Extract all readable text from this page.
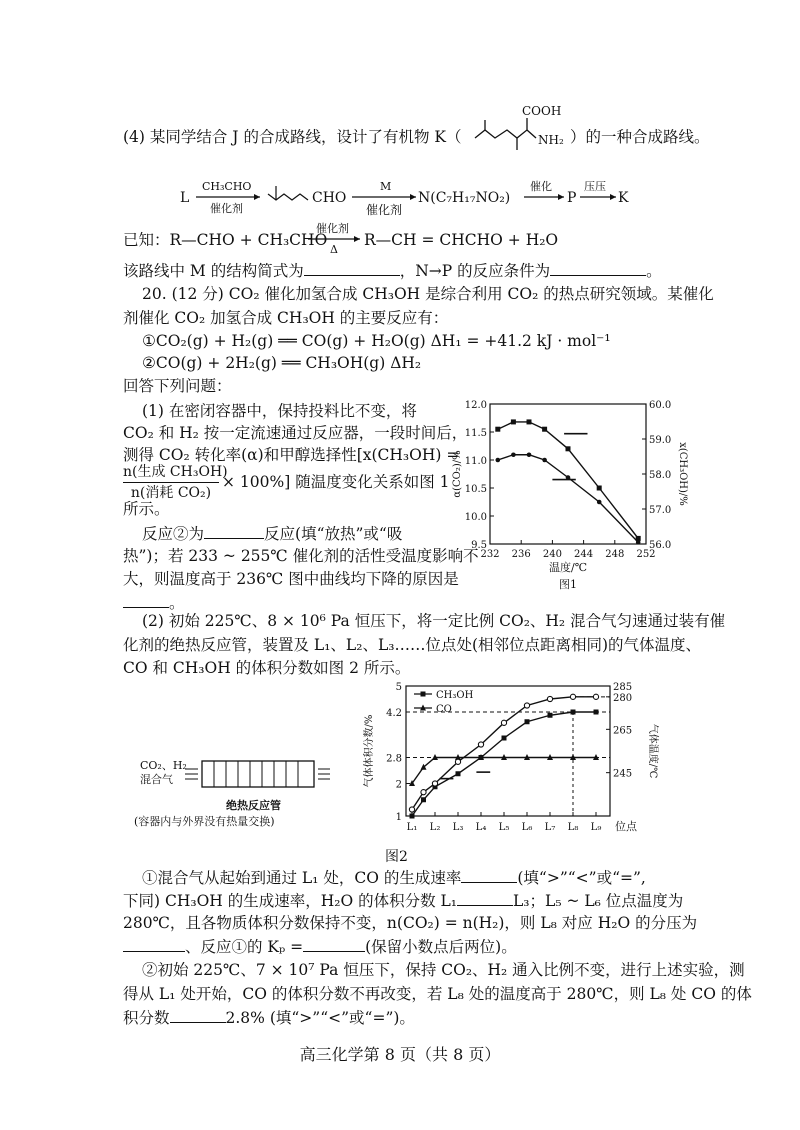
(4) 某同学结合 J 的合成路线，设计了有机物 K（
COOH
NH₂ ）的一种合成路线。
L
CH₃CHO
催化剂
CHO
M
催化剂
N(C₇H₁₇NO₂)
催化
P
压压
K
已知：R—CHO + CH₃CHO
催化剂
Δ
R—CH = CHCHO + H₂O
该路线中 M 的结构简式为	，N→P 的反应条件为	。
20. (12 分) CO₂ 催化加氢合成 CH₃OH 是综合利用 CO₂ 的热点研究领域。某催化
剂催化 CO₂ 加氢合成 CH₃OH 的主要反应有：
①CO₂(g) + H₂(g) ══ CO(g) + H₂O(g) ΔH₁ = +41.2 kJ · mol⁻¹
②CO(g) + 2H₂(g) ══ CH₃OH(g) ΔH₂
回答下列问题：
(1) 在密闭容器中，保持投料比不变，将
CO₂ 和 H₂ 按一定流速通过反应器，一段时间后，
测得 CO₂ 转化率(α)和甲醇选择性[x(CH₃OH) =
n(生成 CH₃OH)
n(消耗 CO₂)
× 100%] 随温度变化关系如图 1
所示。
反应②为	反应(填“放热”或“吸
热”)；若 233 ~ 255℃ 催化剂的活性受温度影响不
大，则温度高于 236℃ 图中曲线均下降的原因是
。
232 236 240 244 248 252
9.5
10.0
10.5
11.0
11.5
12.0
56.0
57.0
58.0
59.0
60.0
温度/℃
α(CO₂)/%	x(CH₃OH)/%
图1
(2) 初始 225℃、8 × 10⁶ Pa 恒压下，将一定比例 CO₂、H₂ 混合气匀速通过装有催
化剂的绝热反应管，装置及 L₁、L₂、L₃……位点处(相邻位点距离相同)的气体温度、
CO 和 CH₃OH 的体积分数如图 2 所示。
CO₂、H₂
混合气
绝热反应管
(容器内与外界没有热量交换)	L₁ L₂ L₃ L₄ L₅ L₆ L₇ L₈ L₉ 位点
1
2
2.8
4.2
5
245
265
280
285
气体体积分数/%	气体温度/℃
CH₃OH
CO
图2
①混合气从起始到通过 L₁ 处，CO 的生成速率	(填“>”“<”或“=”,
下同) CH₃OH 的生成速率，H₂O 的体积分数 L₁	L₃；L₅ ~ L₆ 位点温度为
280℃，且各物质体积分数保持不变，n(CO₂) = n(H₂)，则 L₈ 对应 H₂O 的分压为
、反应①的 Kₚ =	(保留小数点后两位)。
②初始 225℃、7 × 10⁷ Pa 恒压下，保持 CO₂、H₂ 通入比例不变，进行上述实验，测
得从 L₁ 处开始，CO 的体积分数不再改变，若 L₈ 处的温度高于 280℃，则 L₈ 处 CO 的体
积分数	2.8% (填“>”“<”或“=”)。
高三化学第 8 页（共 8 页）
